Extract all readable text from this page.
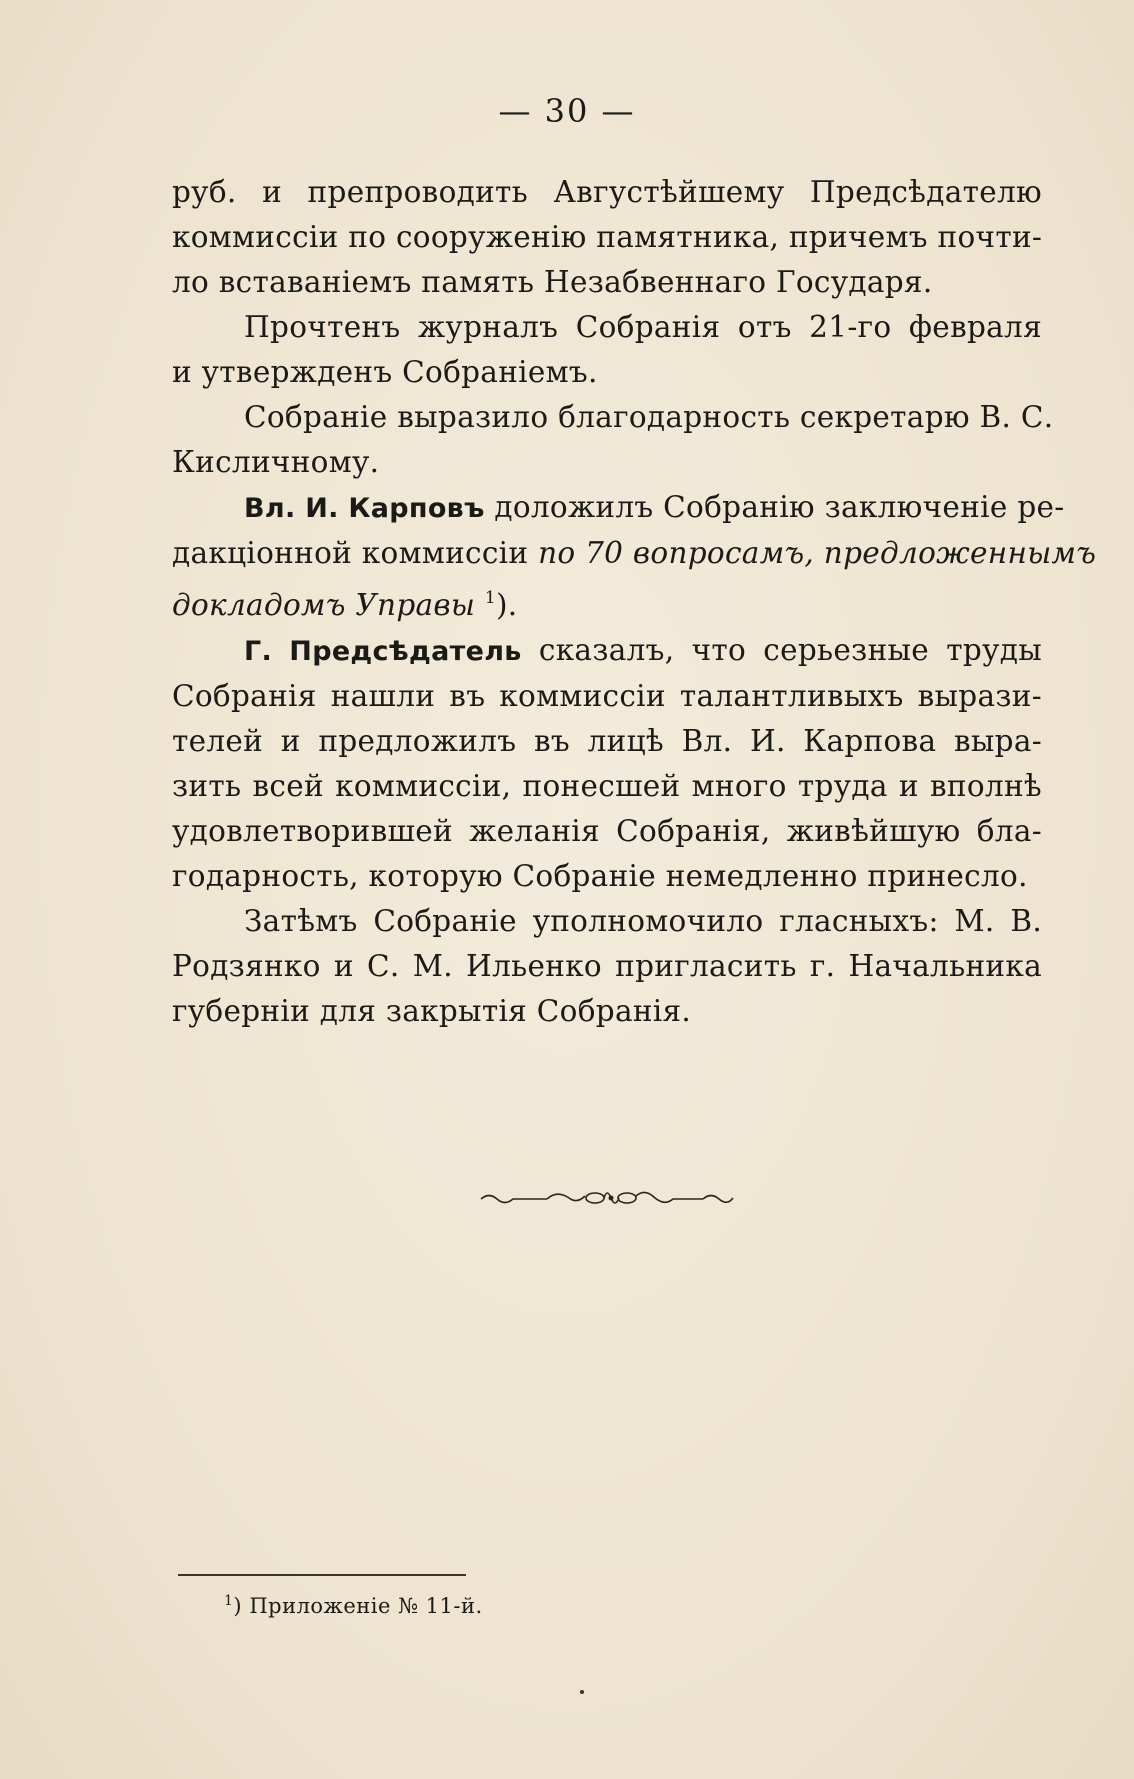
— 30 —
руб. и препроводить Августѣйшему Предсѣдателю
коммиссіи по сооруженію памятника, причемъ почти-
ло вставаніемъ память Незабвеннаго Государя.
Прочтенъ журналъ Собранія отъ 21-го февраля
и утвержденъ Собраніемъ.
Собраніе выразило благодарность секретарю В. С.
Кисличному.
Вл. И. Карповъ доложилъ Собранію заключеніе ре-
дакціонной коммиссіи по 70 вопросамъ, предложеннымъ
докладомъ Управы $^1$).
Г. Предсѣдатель сказалъ, что серьезные труды
Собранія нашли въ коммиссіи талантливыхъ вырази-
телей и предложилъ въ лицѣ Вл. И. Карпова выра-
зить всей коммиссіи, понесшей много труда и вполнѣ
удовлетворившей желанія Собранія, живѣйшую бла-
годарность, которую Собраніе немедленно принесло.
Затѣмъ Собраніе уполномочило гласныхъ: М. В.
Родзянко и С. М. Ильенко пригласить г. Начальника
губерніи для закрытія Собранія.
$^1$) Приложеніе № 11-й.
